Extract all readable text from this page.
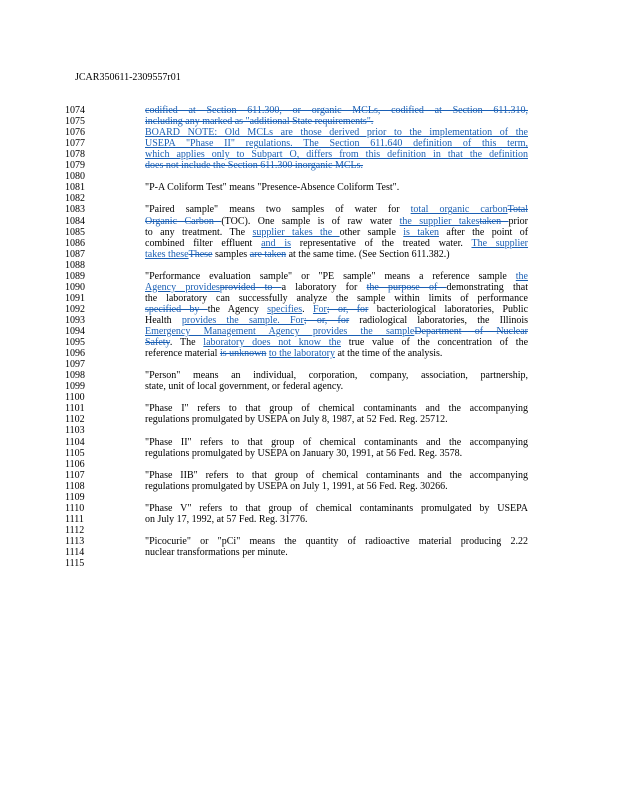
JCAR350611-2309557r01
1074	codified at Section 611.300, or organic MCLs, codified at Section 611.310,
1075	including any marked as "additional State requirements".
1076	BOARD NOTE: Old MCLs are those derived prior to the implementation of the
1077	USEPA "Phase II" regulations. The Section 611.640 definition of this term,
1078	which applies only to Subpart O, differs from this definition in that the definition
1079	does not include the Section 611.300 inorganic MCLs.
1080
1081	"P-A Coliform Test" means "Presence-Absence Coliform Test".
1082
1083	"Paired sample" means two samples of water for total organic carbonTotal
1084	Organic Carbon (TOC). One sample is of raw water the supplier takestaken prior
1085	to any treatment. The supplier takes the other sample is taken after the point of
1086	combined filter effluent and is representative of the treated water. The supplier
1087	takes theseThese samples are taken at the same time. (See Section 611.382.)
1088
1089	"Performance evaluation sample" or "PE sample" means a reference sample the
1090	Agency providesprovided to a laboratory for the purpose of demonstrating that
1091	the laboratory can successfully analyze the sample within limits of performance
1092	specified by the Agency specifies. For; or, for bacteriological laboratories, Public
1093	Health provides the sample. For; or, for radiological laboratories, the Illinois
1094	Emergency Management Agency provides the sampleDepartment of Nuclear
1095	Safety. The laboratory does not know the true value of the concentration of the
1096	reference material is unknown to the laboratory at the time of the analysis.
1097
1098	"Person" means an individual, corporation, company, association, partnership,
1099	state, unit of local government, or federal agency.
1100
1101	"Phase I" refers to that group of chemical contaminants and the accompanying
1102	regulations promulgated by USEPA on July 8, 1987, at 52 Fed. Reg. 25712.
1103
1104	"Phase II" refers to that group of chemical contaminants and the accompanying
1105	regulations promulgated by USEPA on January 30, 1991, at 56 Fed. Reg. 3578.
1106
1107	"Phase IIB" refers to that group of chemical contaminants and the accompanying
1108	regulations promulgated by USEPA on July 1, 1991, at 56 Fed. Reg. 30266.
1109
1110	"Phase V" refers to that group of chemical contaminants promulgated by USEPA
1111	on July 17, 1992, at 57 Fed. Reg. 31776.
1112
1113	"Picocurie" or "pCi" means the quantity of radioactive material producing 2.22
1114	nuclear transformations per minute.
1115
